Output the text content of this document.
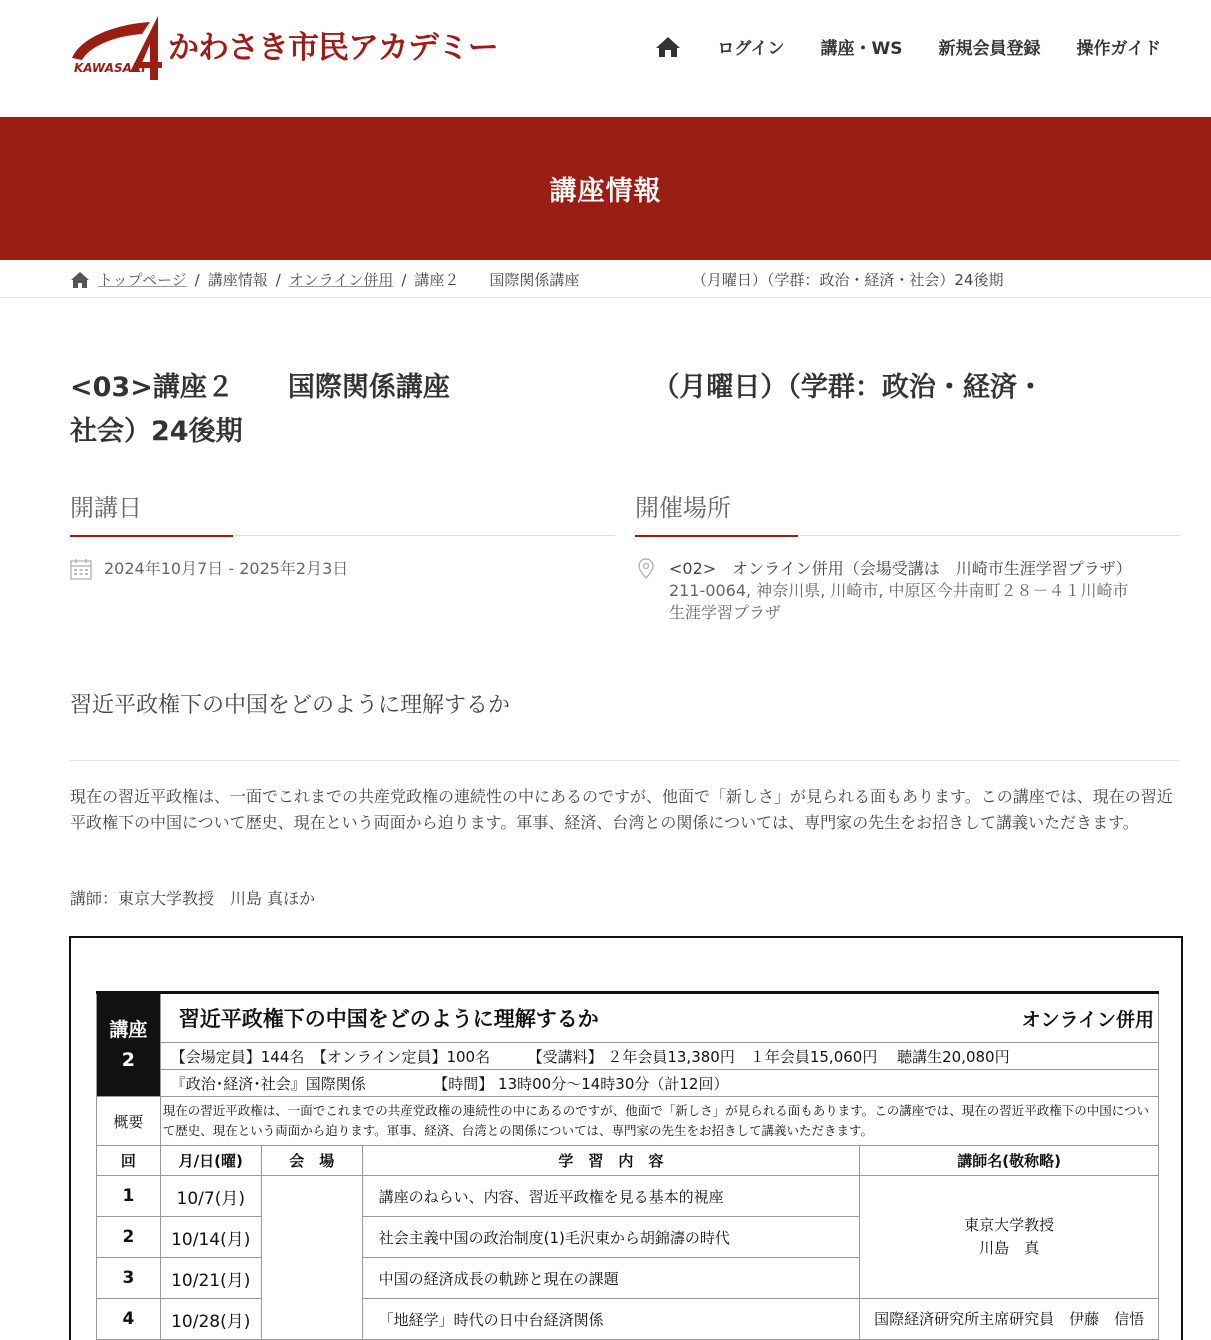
KAWASAKI
かわさき市民アカデミー	ログイン 講座・WS 新規会員登録 操作ガイド
講座情報
トップページ / 講座情報 / オンライン併用 / 講座２　　国際関係講座　　　　　　　　（月曜日）（学群：政治・経済・社会）24後期
<03>講座２　　国際関係講座　　　　　　　　（月曜日）（学群：政治・経済・
社会）24後期
開講日
2024年10月7日 - 2025年2月3日
開催場所
<02>　オンライン併用（会場受講は　川崎市生涯学習プラザ）
211-0064, 神奈川県, 川崎市, 中原区今井南町２８－４１川崎市
生涯学習プラザ
習近平政権下の中国をどのように理解するか
現在の習近平政権は、一面でこれまでの共産党政権の連続性の中にあるのですが、他面で「新しさ」が見られる面もあります。この講座では、現在の習近平政権下の中国について歴史、現在という両面から迫ります。軍事、経済、台湾との関係については、専門家の先生をお招きして講義いただきます。
講師：東京大学教授　川島 真ほか
講座
2	習近平政権下の中国をどのように理解するか			オンライン併用
	【会場定員】144名　【オンライン定員】100名　　　【受講料】 ２年会員13,380円　１年会員15,060円　 聴講生20,080円			
	『政治･経済･社会』国際関係　　　　　【時間】 13時00分～14時30分（計12回）			
概要	現在の習近平政権は、一面でこれまでの共産党政権の連続性の中にあるのですが、他面で「新しさ」が見られる面もあります。この講座では、現在の習近平政権下の中国について歴史、現在という両面から迫ります。軍事、経済、台湾との関係については、専門家の先生をお招きして講義いただきます。			
回	月/日(曜)	会　場	学　習　内　容	講師名(敬称略)
1	10/7(月)		講座のねらい、内容、習近平政権を見る基本的視座	東京大学教授
川島　真

2	10/14(月)		社会主義中国の政治制度(1)毛沢東から胡錦濤の時代	
3	10/21(月)		中国の経済成長の軌跡と現在の課題	
4	10/28(月)		「地経学」時代の日中台経済関係	国際経済研究所主席研究員　伊藤　信悟
